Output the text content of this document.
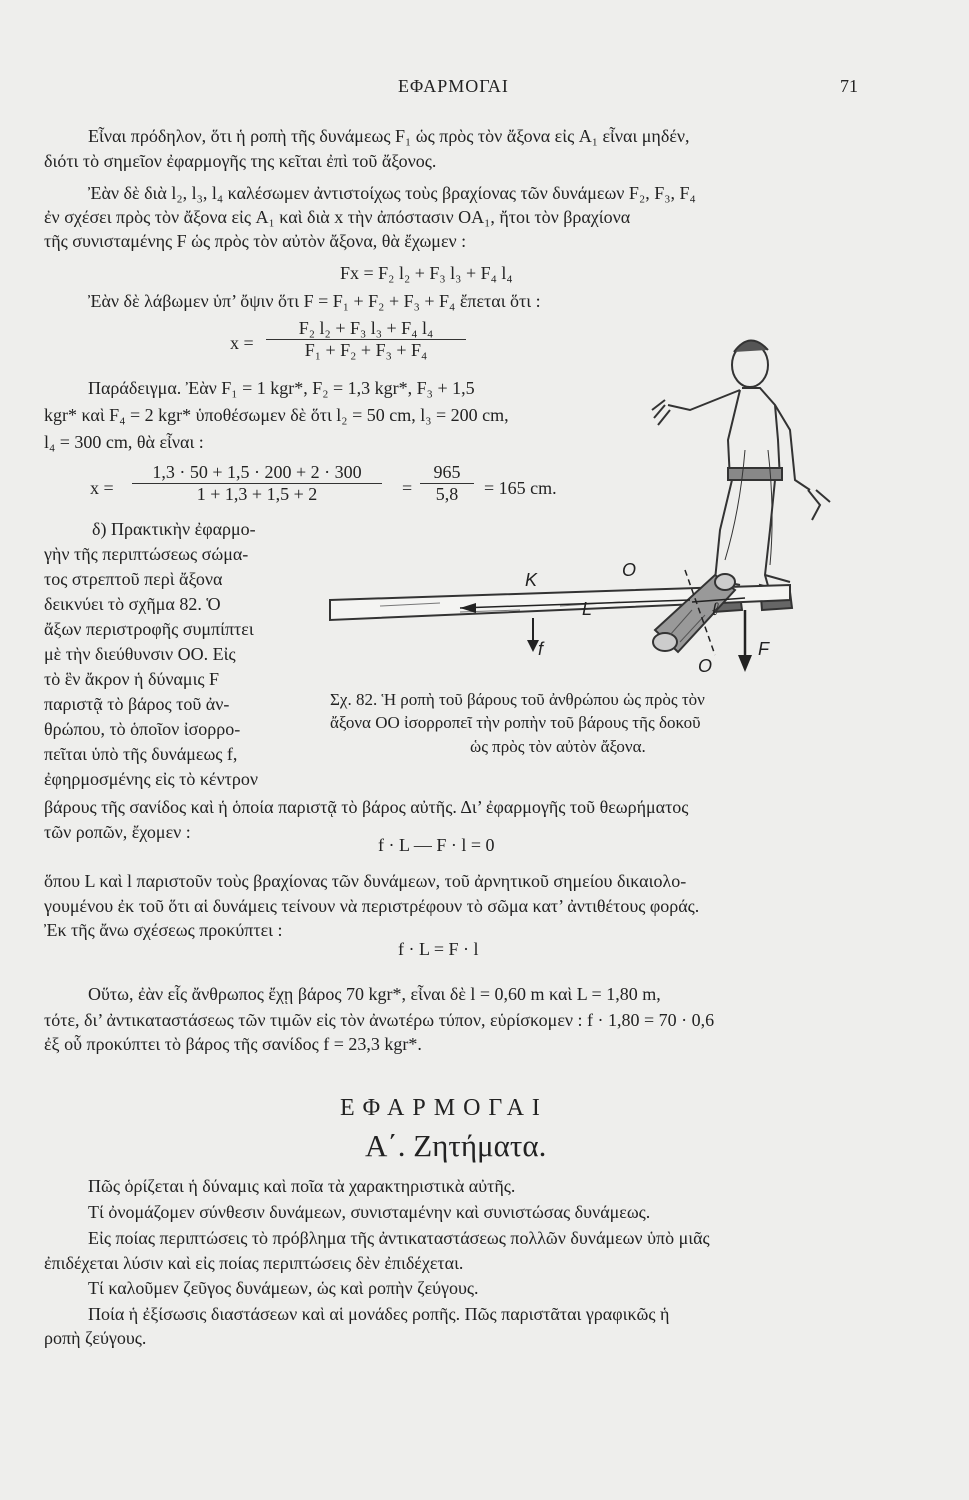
ΕΦΑΡΜΟΓΑΙ	71
Εἶναι πρόδηλον, ὅτι ἡ ροπὴ τῆς δυνάμεως F₁ ὡς πρὸς τὸν ἄξονα εἰς A₁ εἶναι μηδέν,
διότι τὸ σημεῖον ἐφαρμογῆς της κεῖται ἐπὶ τοῦ ἄξονος.
Ἐὰν δὲ διὰ l₂, l₃, l₄ καλέσωμεν ἀντιστοίχως τοὺς βραχίονας τῶν δυνάμεων F₂, F₃, F₄
ἐν σχέσει πρὸς τὸν ἄξονα εἰς A₁ καὶ διὰ x τὴν ἀπόστασιν OA₁, ἤτοι τὸν βραχίονα
τῆς συνισταμένης F ὡς πρὸς τὸν αὐτὸν ἄξονα, θὰ ἔχωμεν :
Fx = F₂ l₂ + F₃ l₃ + F₄ l₄
Ἐὰν δὲ λάβωμεν ὑπ’ ὄψιν ὅτι F = F₁ + F₂ + F₃ + F₄ ἔπεται ὅτι :
$x = \frac{\text{F₂ l₂ + F₃ l₃ + F₄ l₄}}{\text{F₁ + F₂ + F₃ + F₄}}$
Παράδειγμα. Ἐὰν F₁ = 1 kgr*, F₂ = 1,3 kgr*, F₃ + 1,5
kgr* καὶ F₄ = 2 kgr* ὑποθέσωμεν δὲ ὅτι l₂ = 50 cm, l₃ = 200 cm,
l₄ = 300 cm, θὰ εἶναι :
$x = \frac{1,3 \cdot 50 + 1,5 \cdot 200 + 2 \cdot 300}{1 + 1,3 + 1,5 + 2} = \frac{965}{5,8} = 165$ cm.
δ) Πρακτικὴν ἐφαρμο-
γὴν τῆς περιπτώσεως σώμα-
τος στρεπτοῦ περὶ ἄξονα
δεικνύει τὸ σχῆμα 82. Ὁ
ἄξων περιστροφῆς συμπίπτει
μὲ τὴν διεύθυνσιν OO. Εἰς
τὸ ἓν ἄκρον ἡ δύναμις F
παριστᾷ τὸ βάρος τοῦ ἀν-
θρώπου, τὸ ὁποῖον ἰσορρο-
πεῖται ὑπὸ τῆς δυνάμεως f,
ἐφηρμοσμένης εἰς τὸ κέντρον
K	O
L	ℓ
f
O
F
Σχ. 82. Ἡ ροπὴ τοῦ βάρους τοῦ ἀνθρώπου ὡς πρὸς τὸν
ἄξονα OO ἰσορροπεῖ τὴν ροπὴν τοῦ βάρους τῆς δοκοῦ
ὡς πρὸς τὸν αὐτὸν ἄξονα.
βάρους τῆς σανίδος καὶ ἡ ὁποία παριστᾷ τὸ βάρος αὐτῆς. Δι’ ἐφαρμογῆς τοῦ θεωρήματος
τῶν ροπῶν, ἔχομεν :
f · L — F · l = 0
ὅπου L καὶ l παριστοῦν τοὺς βραχίονας τῶν δυνάμεων, τοῦ ἀρνητικοῦ σημείου δικαιολο-
γουμένου ἐκ τοῦ ὅτι αἱ δυνάμεις τείνουν νὰ περιστρέφουν τὸ σῶμα κατ’ ἀντιθέτους φοράς.
Ἐκ τῆς ἄνω σχέσεως προκύπτει :
f · L = F · l
Οὕτω, ἐὰν εἷς ἄνθρωπος ἔχῃ βάρος 70 kgr*, εἶναι δὲ l = 0,60 m καὶ L = 1,80 m,
τότε, δι’ ἀντικαταστάσεως τῶν τιμῶν εἰς τὸν ἀνωτέρω τύπον, εὑρίσκομεν : f · 1,80 = 70 · 0,6
ἐξ οὗ προκύπτει τὸ βάρος τῆς σανίδος f = 23,3 kgr*.
ΕΦΑΡΜΟΓΑΙ
Α΄. Ζητήματα.
Πῶς ὁρίζεται ἡ δύναμις καὶ ποῖα τὰ χαρακτηριστικὰ αὐτῆς.
Τί ὀνομάζομεν σύνθεσιν δυνάμεων, συνισταμένην καὶ συνιστώσας δυνάμεως.
Εἰς ποίας περιπτώσεις τὸ πρόβλημα τῆς ἀντικαταστάσεως πολλῶν δυνάμεων ὑπὸ μιᾶς
ἐπιδέχεται λύσιν καὶ εἰς ποίας περιπτώσεις δὲν ἐπιδέχεται.
Τί καλοῦμεν ζεῦγος δυνάμεων, ὡς καὶ ροπὴν ζεύγους.
Ποία ἡ ἐξίσωσις διαστάσεων καὶ αἱ μονάδες ροπῆς. Πῶς παριστᾶται γραφικῶς ἡ
ροπὴ ζεύγους.
